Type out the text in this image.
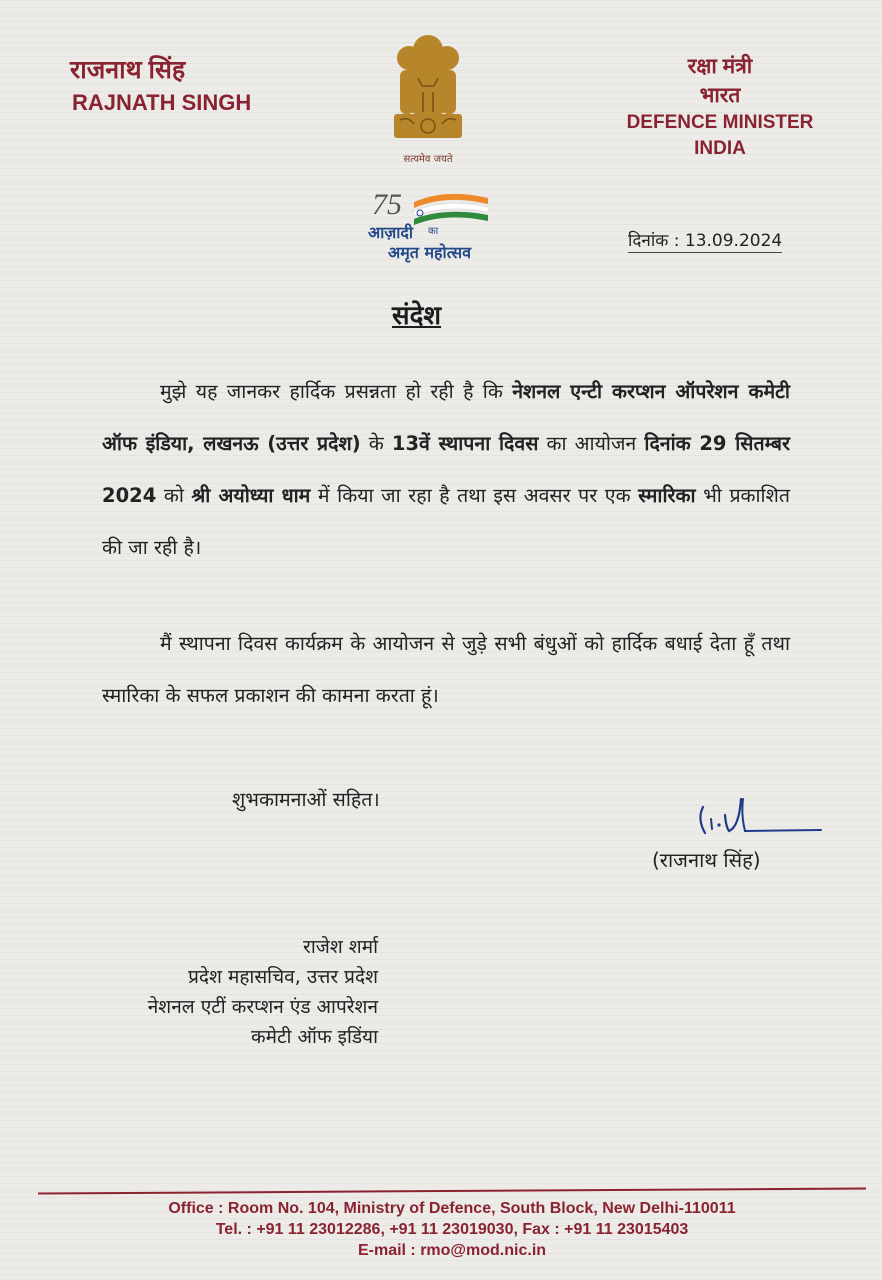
राजनाथ सिंह
RAJNATH SINGH
रक्षा मंत्री
भारत
DEFENCE MINISTER
INDIA
सत्यमेव जयते
75
आज़ादी का
अमृत महोत्सव
दिनांक : 13.09.2024
संदेश
मुझे यह जानकर हार्दिक प्रसन्नता हो रही है कि नेशनल एन्टी करप्शन ऑपरेशन कमेटी ऑफ इंडिया, लखनऊ (उत्तर प्रदेश) के 13वें स्थापना दिवस का आयोजन दिनांक 29 सितम्बर 2024 को श्री अयोध्या धाम में किया जा रहा है तथा इस अवसर पर एक स्मारिका भी प्रकाशित की जा रही है।
मैं स्थापना दिवस कार्यक्रम के आयोजन से जुड़े सभी बंधुओं को हार्दिक बधाई देता हूँ तथा स्मारिका के सफल प्रकाशन की कामना करता हूं।
शुभकामनाओं सहित।
(राजनाथ सिंह)
राजेश शर्मा
प्रदेश महासचिव, उत्तर प्रदेश
नेशनल एटीं करप्शन एंड आपरेशन
कमेटी ऑफ इडिंया
Office : Room No. 104, Ministry of Defence, South Block, New Delhi-110011
Tel. : +91 11 23012286, +91 11 23019030, Fax : +91 11 23015403
E-mail : rmo@mod.nic.in
